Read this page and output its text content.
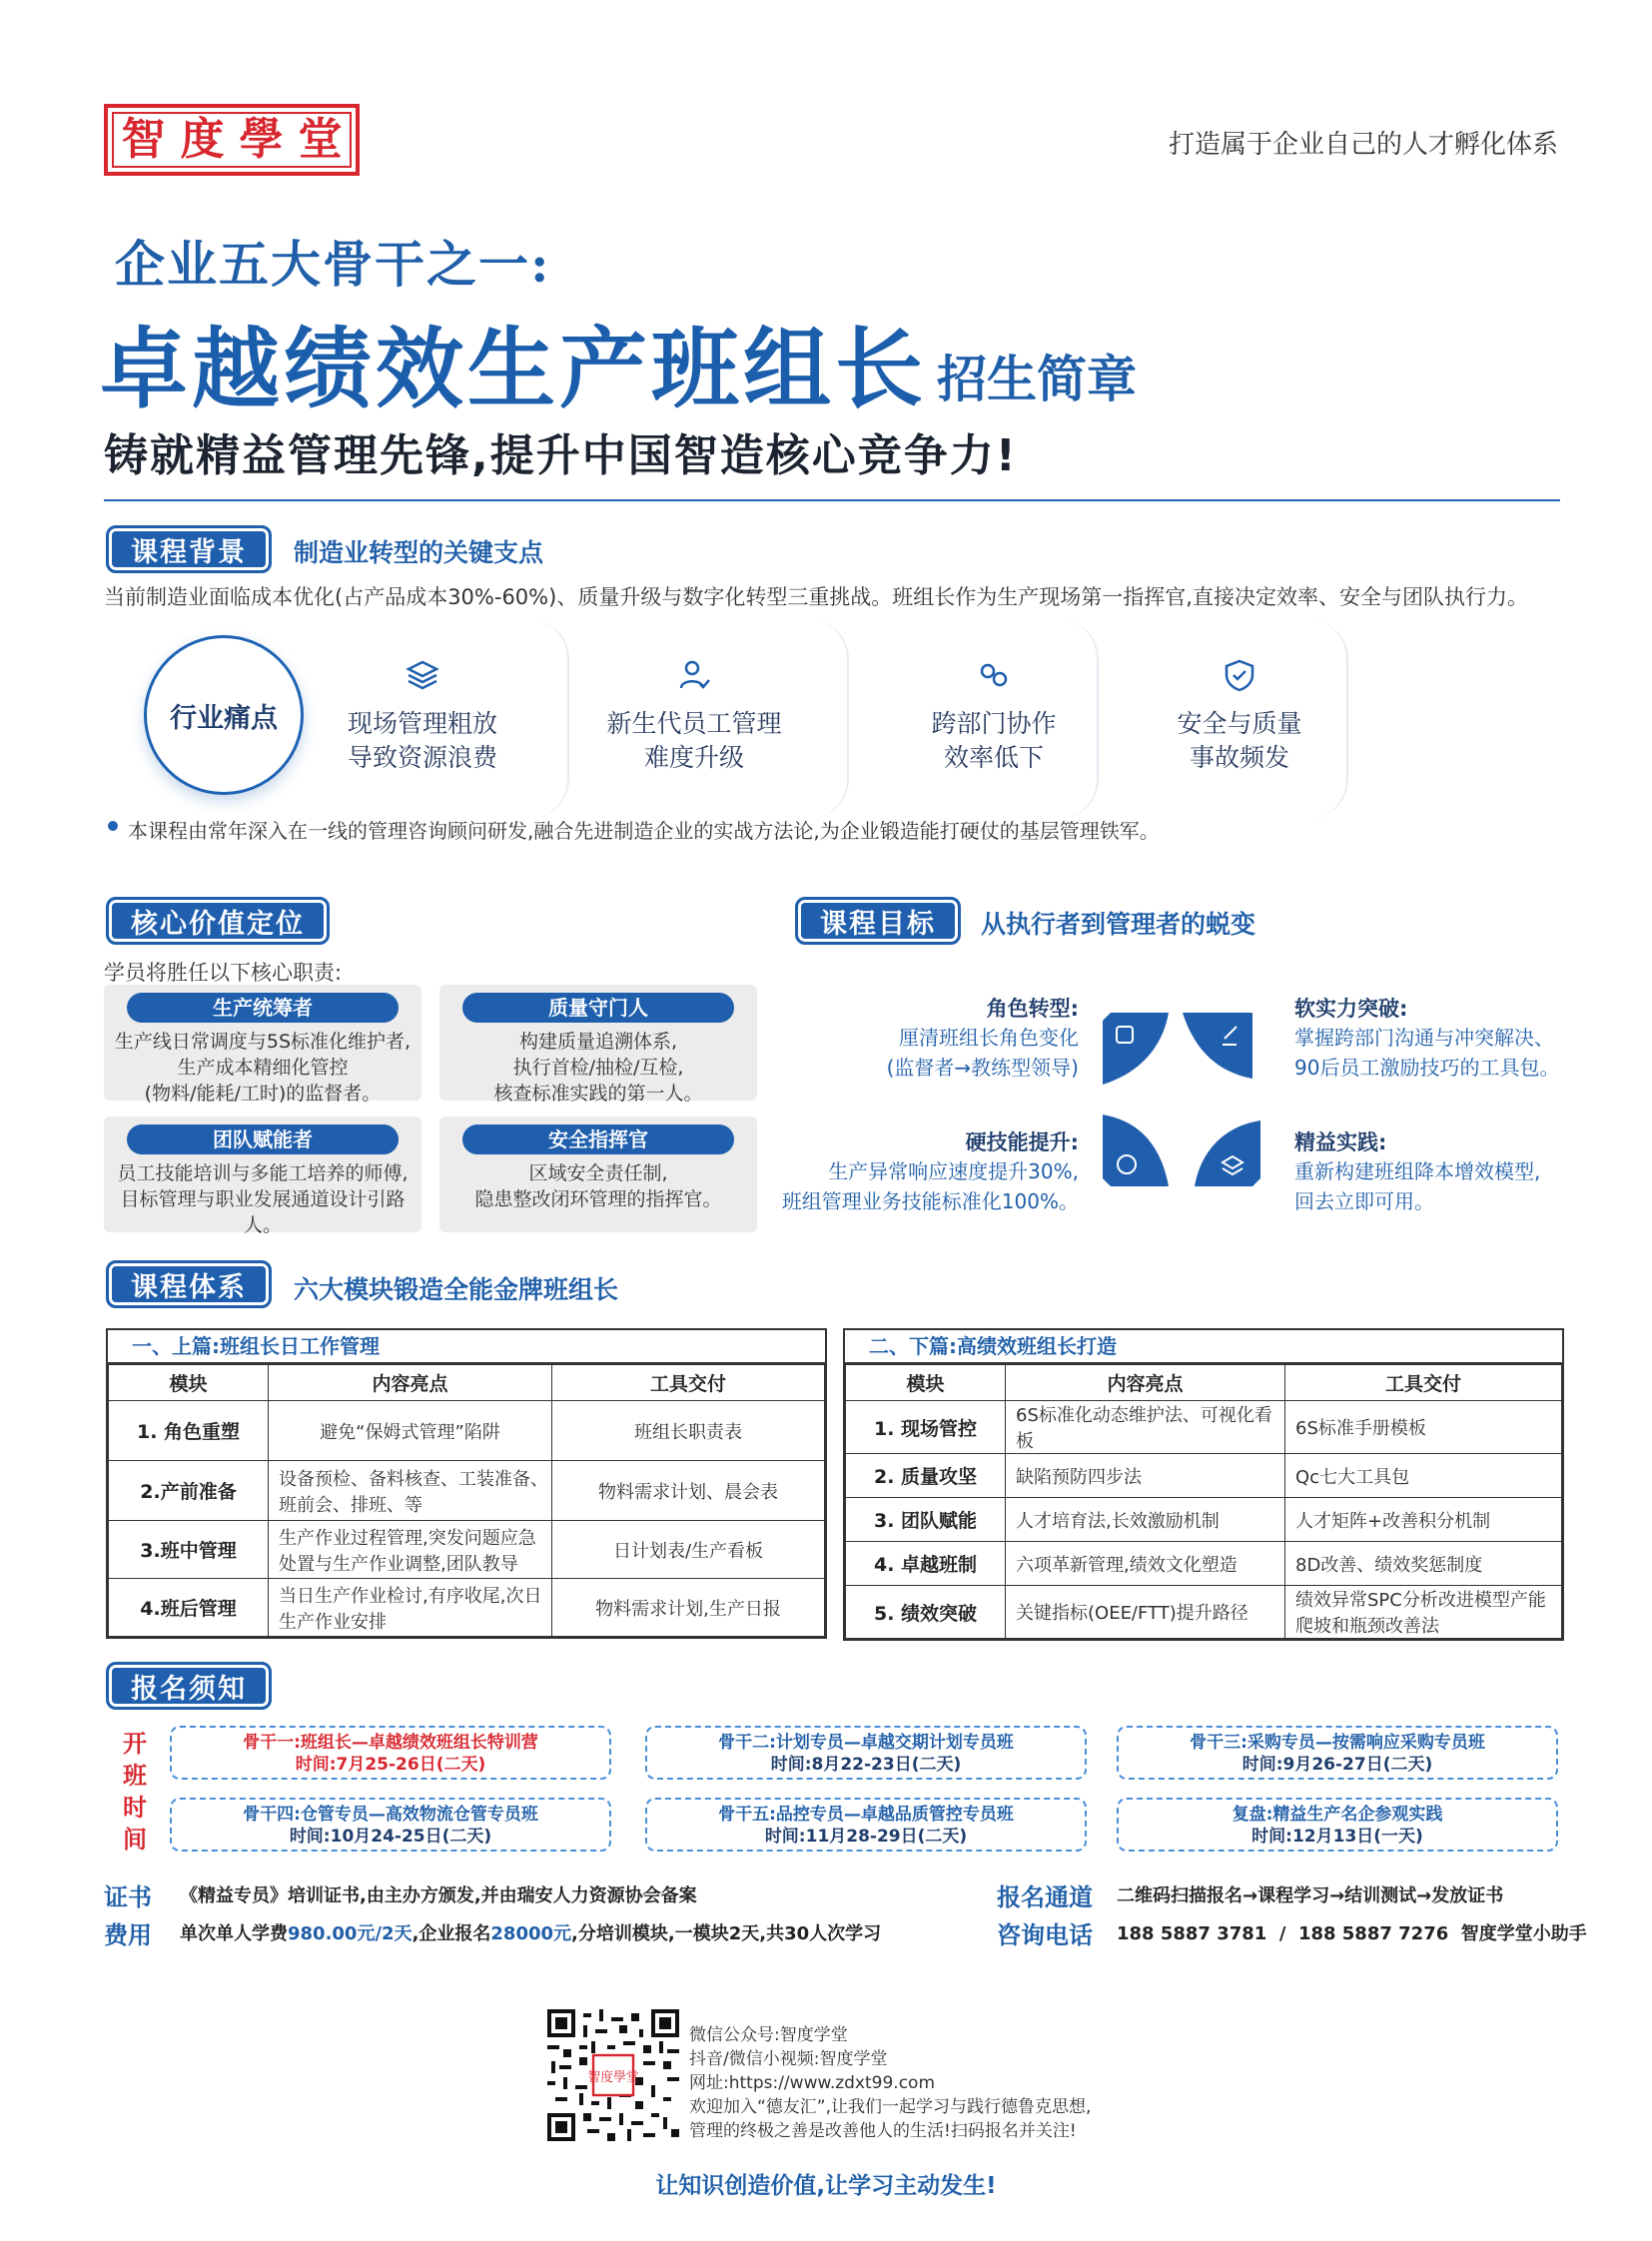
智 度 學 堂	打造属于企业自己的人才孵化体系
企业五大骨干之一:
卓越绩效生产班组长 招生简章
铸就精益管理先锋,提升中国智造核心竞争力!
课程背景	制造业转型的关键支点
当前制造业面临成本优化(占产品成本30%-60%)、质量升级与数字化转型三重挑战。班组长作为生产现场第一指挥官,直接决定效率、安全与团队执行力。
行业痛点	现场管理粗放
导致资源浪费
新生代员工管理
难度升级
跨部门协作
效率低下
安全与质量
事故频发
本课程由常年深入在一线的管理咨询顾问研发,融合先进制造企业的实战方法论,为企业锻造能打硬仗的基层管理铁军。
核心价值定位
学员将胜任以下核心职责:
生产统筹者
生产线日常调度与5S标准化维护者,
生产成本精细化管控
(物料/能耗/工时)的监督者。
质量守门人
构建质量追溯体系,
执行首检/抽检/互检,
核查标准实践的第一人。
团队赋能者
员工技能培训与多能工培养的师傅,
目标管理与职业发展通道设计引路人。
安全指挥官
区域安全责任制,
隐患整改闭环管理的指挥官。
课程目标	从执行者到管理者的蜕变
角色转型:
厘清班组长角色变化
(监督者→教练型领导)
软实力突破:
掌握跨部门沟通与冲突解决、
90后员工激励技巧的工具包。
硬技能提升:
生产异常响应速度提升30%,
班组管理业务技能标准化100%。
精益实践:
重新构建班组降本增效模型,
回去立即可用。
课程体系	六大模块锻造全能金牌班组长
一、上篇:班组长日工作管理
模块	内容亮点	工具交付
1. 角色重塑	避免“保姆式管理”陷阱	班组长职责表
2.产前准备	设备预检、备料核查、工装准备、班前会、排班、等	物料需求计划、晨会表
3.班中管理	生产作业过程管理,突发问题应急处置与生产作业调整,团队教导	日计划表/生产看板
4.班后管理	当日生产作业检讨,有序收尾,次日生产作业安排	物料需求计划,生产日报
二、下篇:高绩效班组长打造
模块	内容亮点	工具交付
1. 现场管控	6S标准化动态维护法、可视化看板	6S标准手册模板
2. 质量攻坚	缺陷预防四步法	Qc七大工具包
3. 团队赋能	人才培育法,长效激励机制	人才矩阵+改善积分机制
4. 卓越班制	六项革新管理,绩效文化塑造	8D改善、绩效奖惩制度
5. 绩效突破	关键指标(OEE/FTT)提升路径	绩效异常SPC分析改进模型产能爬坡和瓶颈改善法
报名须知
开
班
时
间
骨干一:班组长—卓越绩效班组长特训营
时间:7月25-26日(二天)
骨干二:计划专员—卓越交期计划专员班
时间:8月22-23日(二天)
骨干三:采购专员—按需响应采购专员班
时间:9月26-27日(二天)
骨干四:仓管专员—高效物流仓管专员班
时间:10月24-25日(二天)
骨干五:品控专员—卓越品质管控专员班
时间:11月28-29日(二天)
复盘:精益生产名企参观实践
时间:12月13日(一天)
证书 《精益专员》培训证书,由主办方颁发,并由瑞安人力资源协会备案
费用 单次单人学费980.00元/2天,企业报名28000元,分培训模块,一模块2天,共30人次学习
报名通道 二维码扫描报名→课程学习→结训测试→发放证书
咨询电话 188 5887 3781  /  188 5887 7276  智度学堂小助手
智度學堂
微信公众号:智度学堂
抖音/微信小视频:智度学堂
网址:https://www.zdxt99.com
欢迎加入“德友汇”,让我们一起学习与践行德鲁克思想,
管理的终极之善是改善他人的生活!扫码报名并关注!
让知识创造价值,让学习主动发生!
